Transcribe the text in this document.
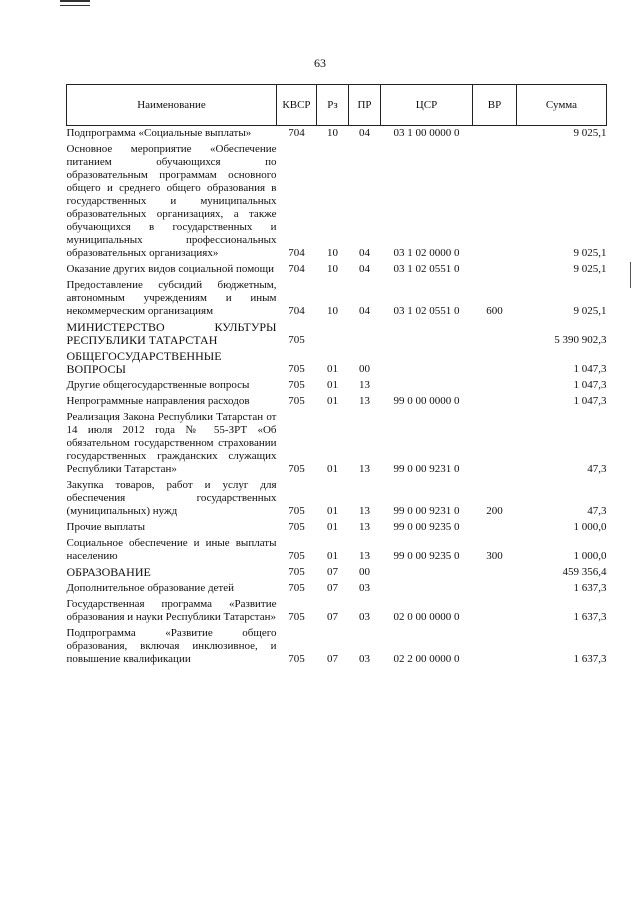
63
Наименование	КВСР	Рз	ПР	ЦСР	ВР	Сумма
Подпрограмма «Социальные выплаты»	704	10	04	03 1 00 0000 0		9 025,1
Основное мероприятие «Обеспечение питанием обучающихся по образовательным программам основного общего и среднего общего образования в государственных и муниципальных образовательных организациях, а также обучающихся в государственных и муниципальных профессиональных образовательных организациях»	704	10	04	03 1 02 0000 0		9 025,1
Оказание других видов социальной помощи	704	10	04	03 1 02 0551 0		9 025,1
Предоставление субсидий бюджетным, автономным учреждениям и иным некоммерческим организациям	704	10	04	03 1 02 0551 0	600	9 025,1
МИНИСТЕРСТВО КУЛЬТУРЫ РЕСПУБЛИКИ ТАТАРСТАН	705					5 390 902,3
ОБЩЕГОСУДАРСТВЕННЫЕ ВОПРОСЫ	705	01	00			1 047,3
Другие общегосударственные вопросы	705	01	13			1 047,3
Непрограммные направления расходов	705	01	13	99 0 00 0000 0		1 047,3
Реализация Закона Республики Татарстан от 14 июля 2012 года № 55-ЗРТ «Об обязательном государственном страховании государственных гражданских служащих Республики Татарстан»	705	01	13	99 0 00 9231 0		47,3
Закупка товаров, работ и услуг для обеспечения государственных (муниципальных) нужд	705	01	13	99 0 00 9231 0	200	47,3
Прочие выплаты	705	01	13	99 0 00 9235 0		1 000,0
Социальное обеспечение и иные выплаты населению	705	01	13	99 0 00 9235 0	300	1 000,0
ОБРАЗОВАНИЕ	705	07	00			459 356,4
Дополнительное образование детей	705	07	03			1 637,3
Государственная программа «Развитие образования и науки Республики Татарстан»	705	07	03	02 0 00 0000 0		1 637,3
Подпрограмма «Развитие общего образования, включая инклюзивное, и повышение квалификации	705	07	03	02 2 00 0000 0		1 637,3
